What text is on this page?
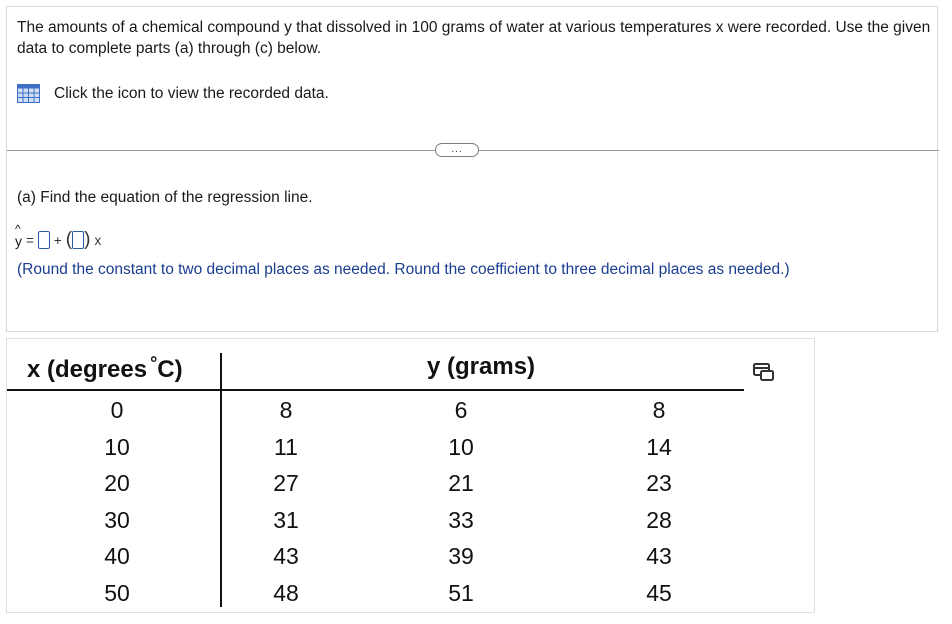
The amounts of a chemical compound y that dissolved in 100 grams of water at various temperatures x were recorded. Use the given data to complete parts (a) through (c) below.

Click the icon to view the recorded data.
...
(a) Find the equation of the regression line.
^
y = + ( ) x
(Round the constant to two decimal places as needed. Round the coefficient to three decimal places as needed.)
x (degrees °C)	y (grams)
0	8	6	8
10	11	10	14
20	27	21	23
30	31	33	28
40	43	39	43
50	48	51	45
